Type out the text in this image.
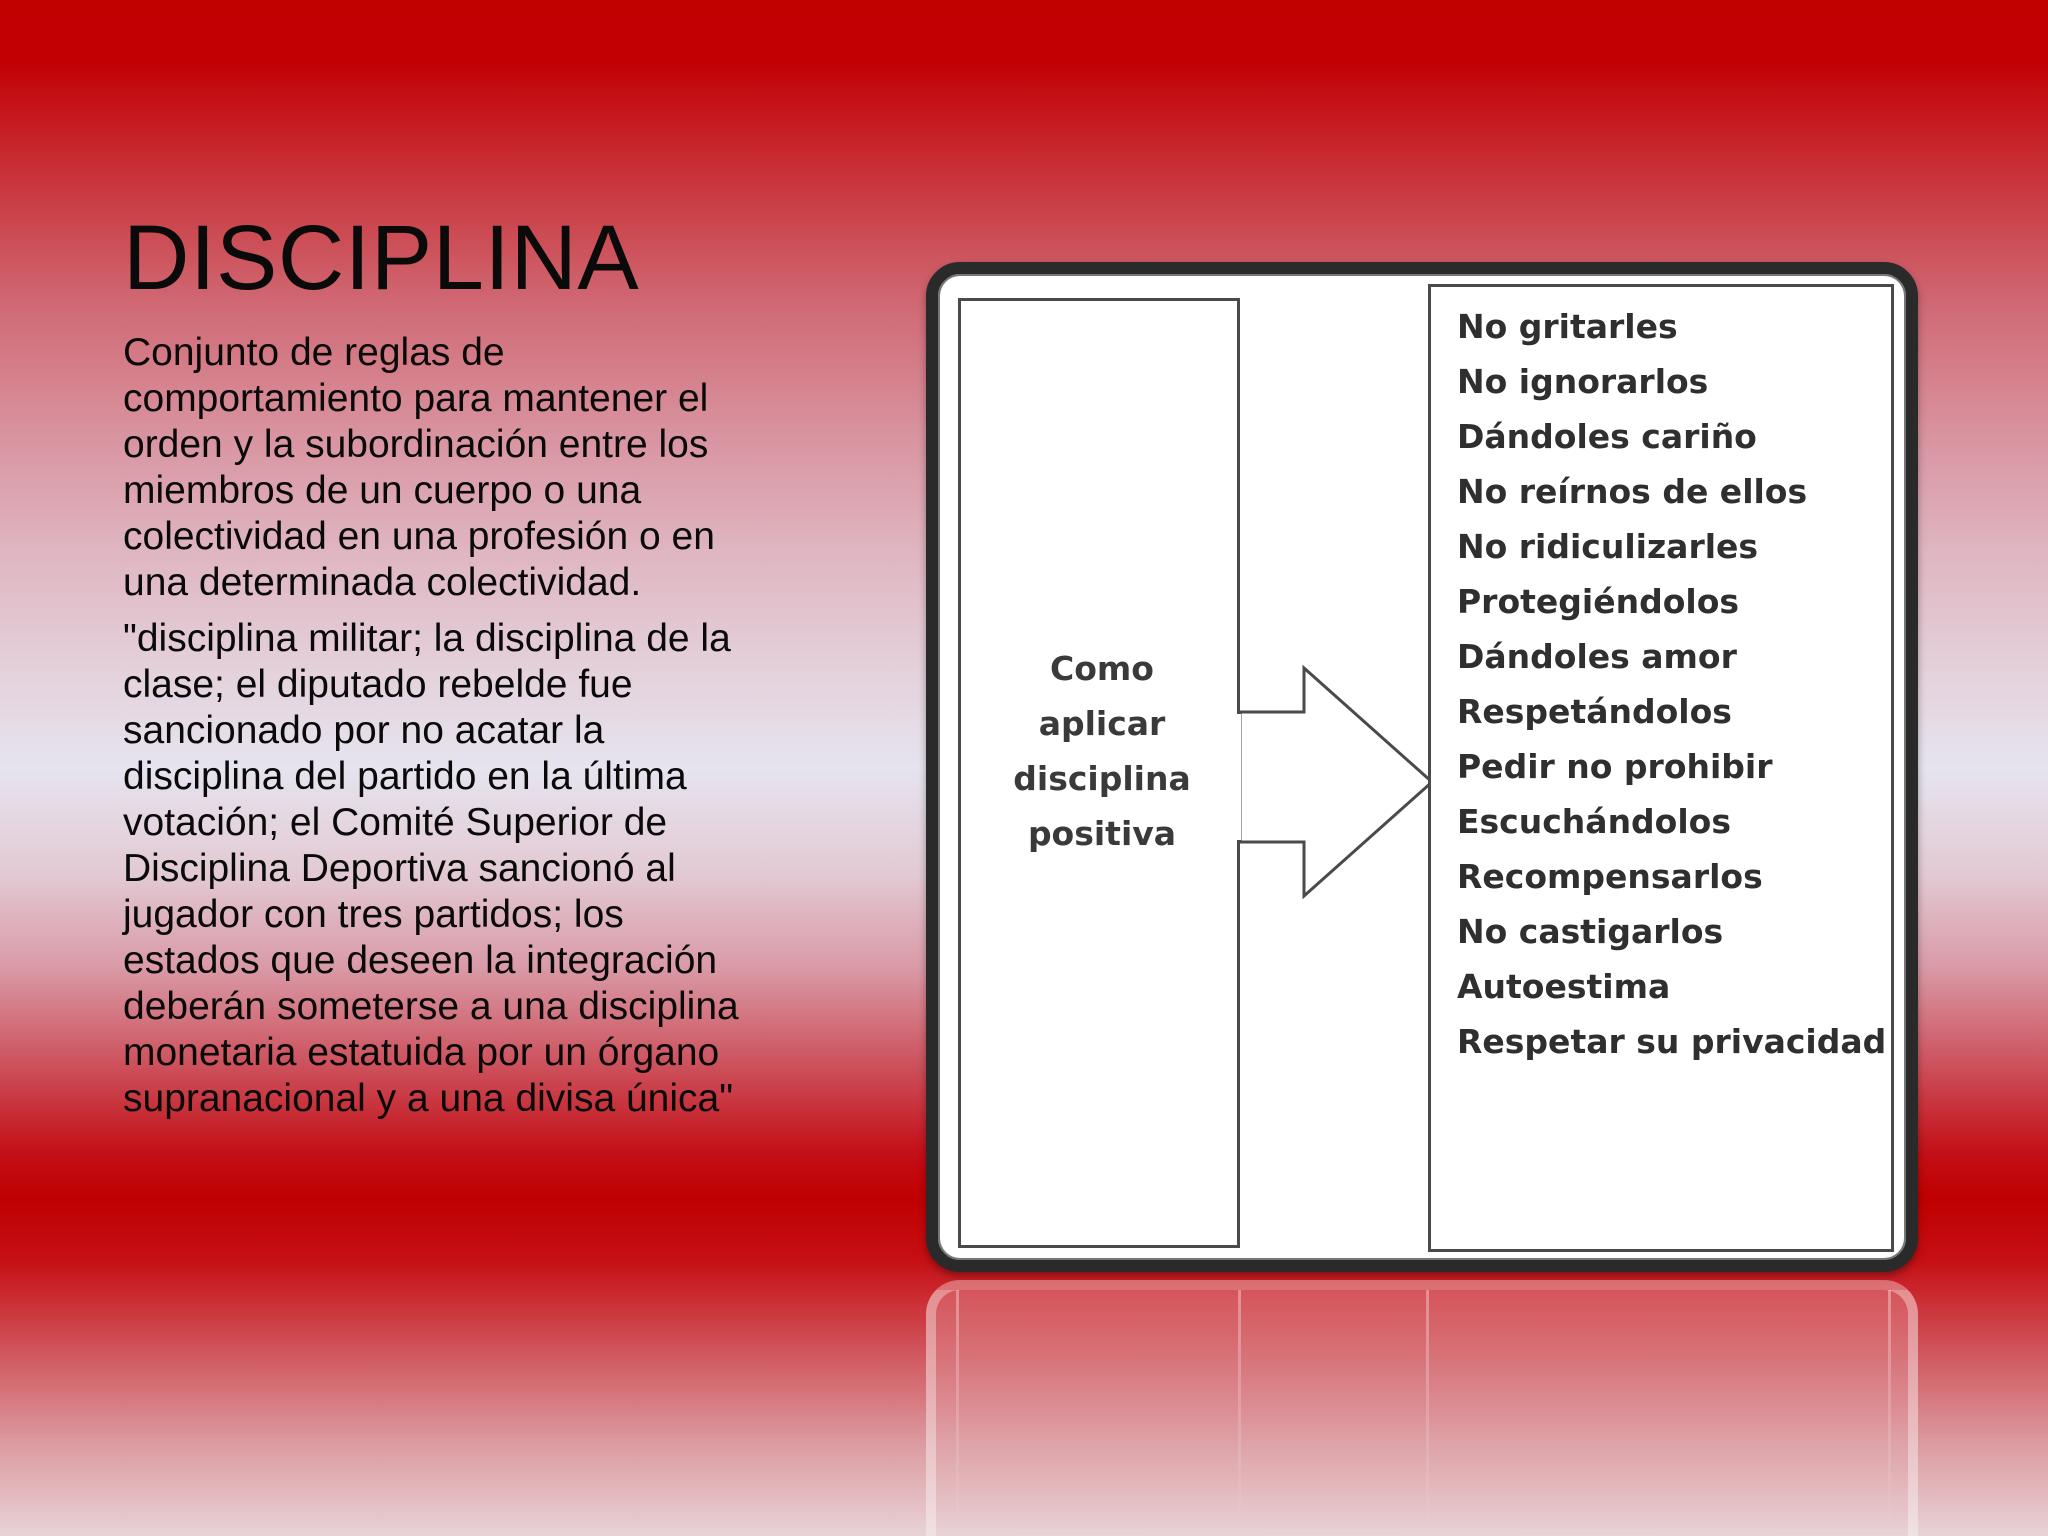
DISCIPLINA

Conjunto de reglas de comportamiento para mantener el orden y la subordinación entre los miembros de un cuerpo o una colectividad en una profesión o en una determinada colectividad.

"disciplina militar; la disciplina de la clase; el diputado rebelde fue sancionado por no acatar la disciplina del partido en la última votación; el Comité Superior de Disciplina Deportiva sancionó al jugador con tres partidos; los estados que deseen la integración deberán someterse a una disciplina monetaria estatuida por un órgano supranacional y a una divisa única"

Como
aplicar
disciplina
positiva
No gritarles
No ignorarlos
Dándoles cariño
No reírnos de ellos
No ridiculizarles
Protegiéndolos
Dándoles amor
Respetándolos
Pedir no prohibir
Escuchándolos
Recompensarlos
No castigarlos
Autoestima
Respetar su privacidad
